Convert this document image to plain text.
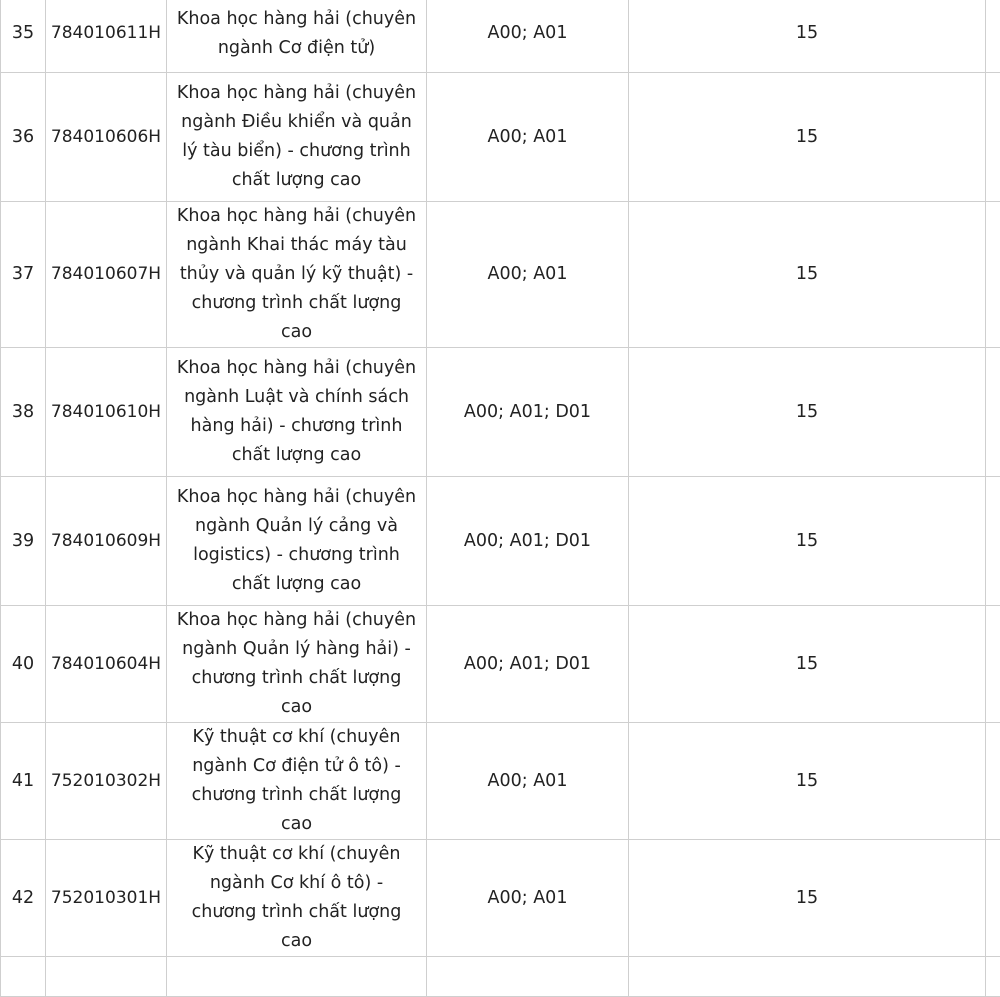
35	784010611H	Khoa học hàng hải (chuyên ngành Cơ điện tử)	A00; A01	15	
36	784010606H	Khoa học hàng hải (chuyên ngành Điều khiển và quản lý tàu biển) - chương trình chất lượng cao	A00; A01	15	
37	784010607H	Khoa học hàng hải (chuyên ngành Khai thác máy tàu thủy và quản lý kỹ thuật) - chương trình chất lượng cao	A00; A01	15	
38	784010610H	Khoa học hàng hải (chuyên ngành Luật và chính sách hàng hải) - chương trình chất lượng cao	A00; A01; D01	15	
39	784010609H	Khoa học hàng hải (chuyên ngành Quản lý cảng và logistics) - chương trình chất lượng cao	A00; A01; D01	15	
40	784010604H	Khoa học hàng hải (chuyên ngành Quản lý hàng hải) - chương trình chất lượng cao	A00; A01; D01	15	
41	752010302H	Kỹ thuật cơ khí (chuyên ngành Cơ điện tử ô tô) - chương trình chất lượng cao	A00; A01	15	
42	752010301H	Kỹ thuật cơ khí (chuyên ngành Cơ khí ô tô) - chương trình chất lượng cao	A00; A01	15	
